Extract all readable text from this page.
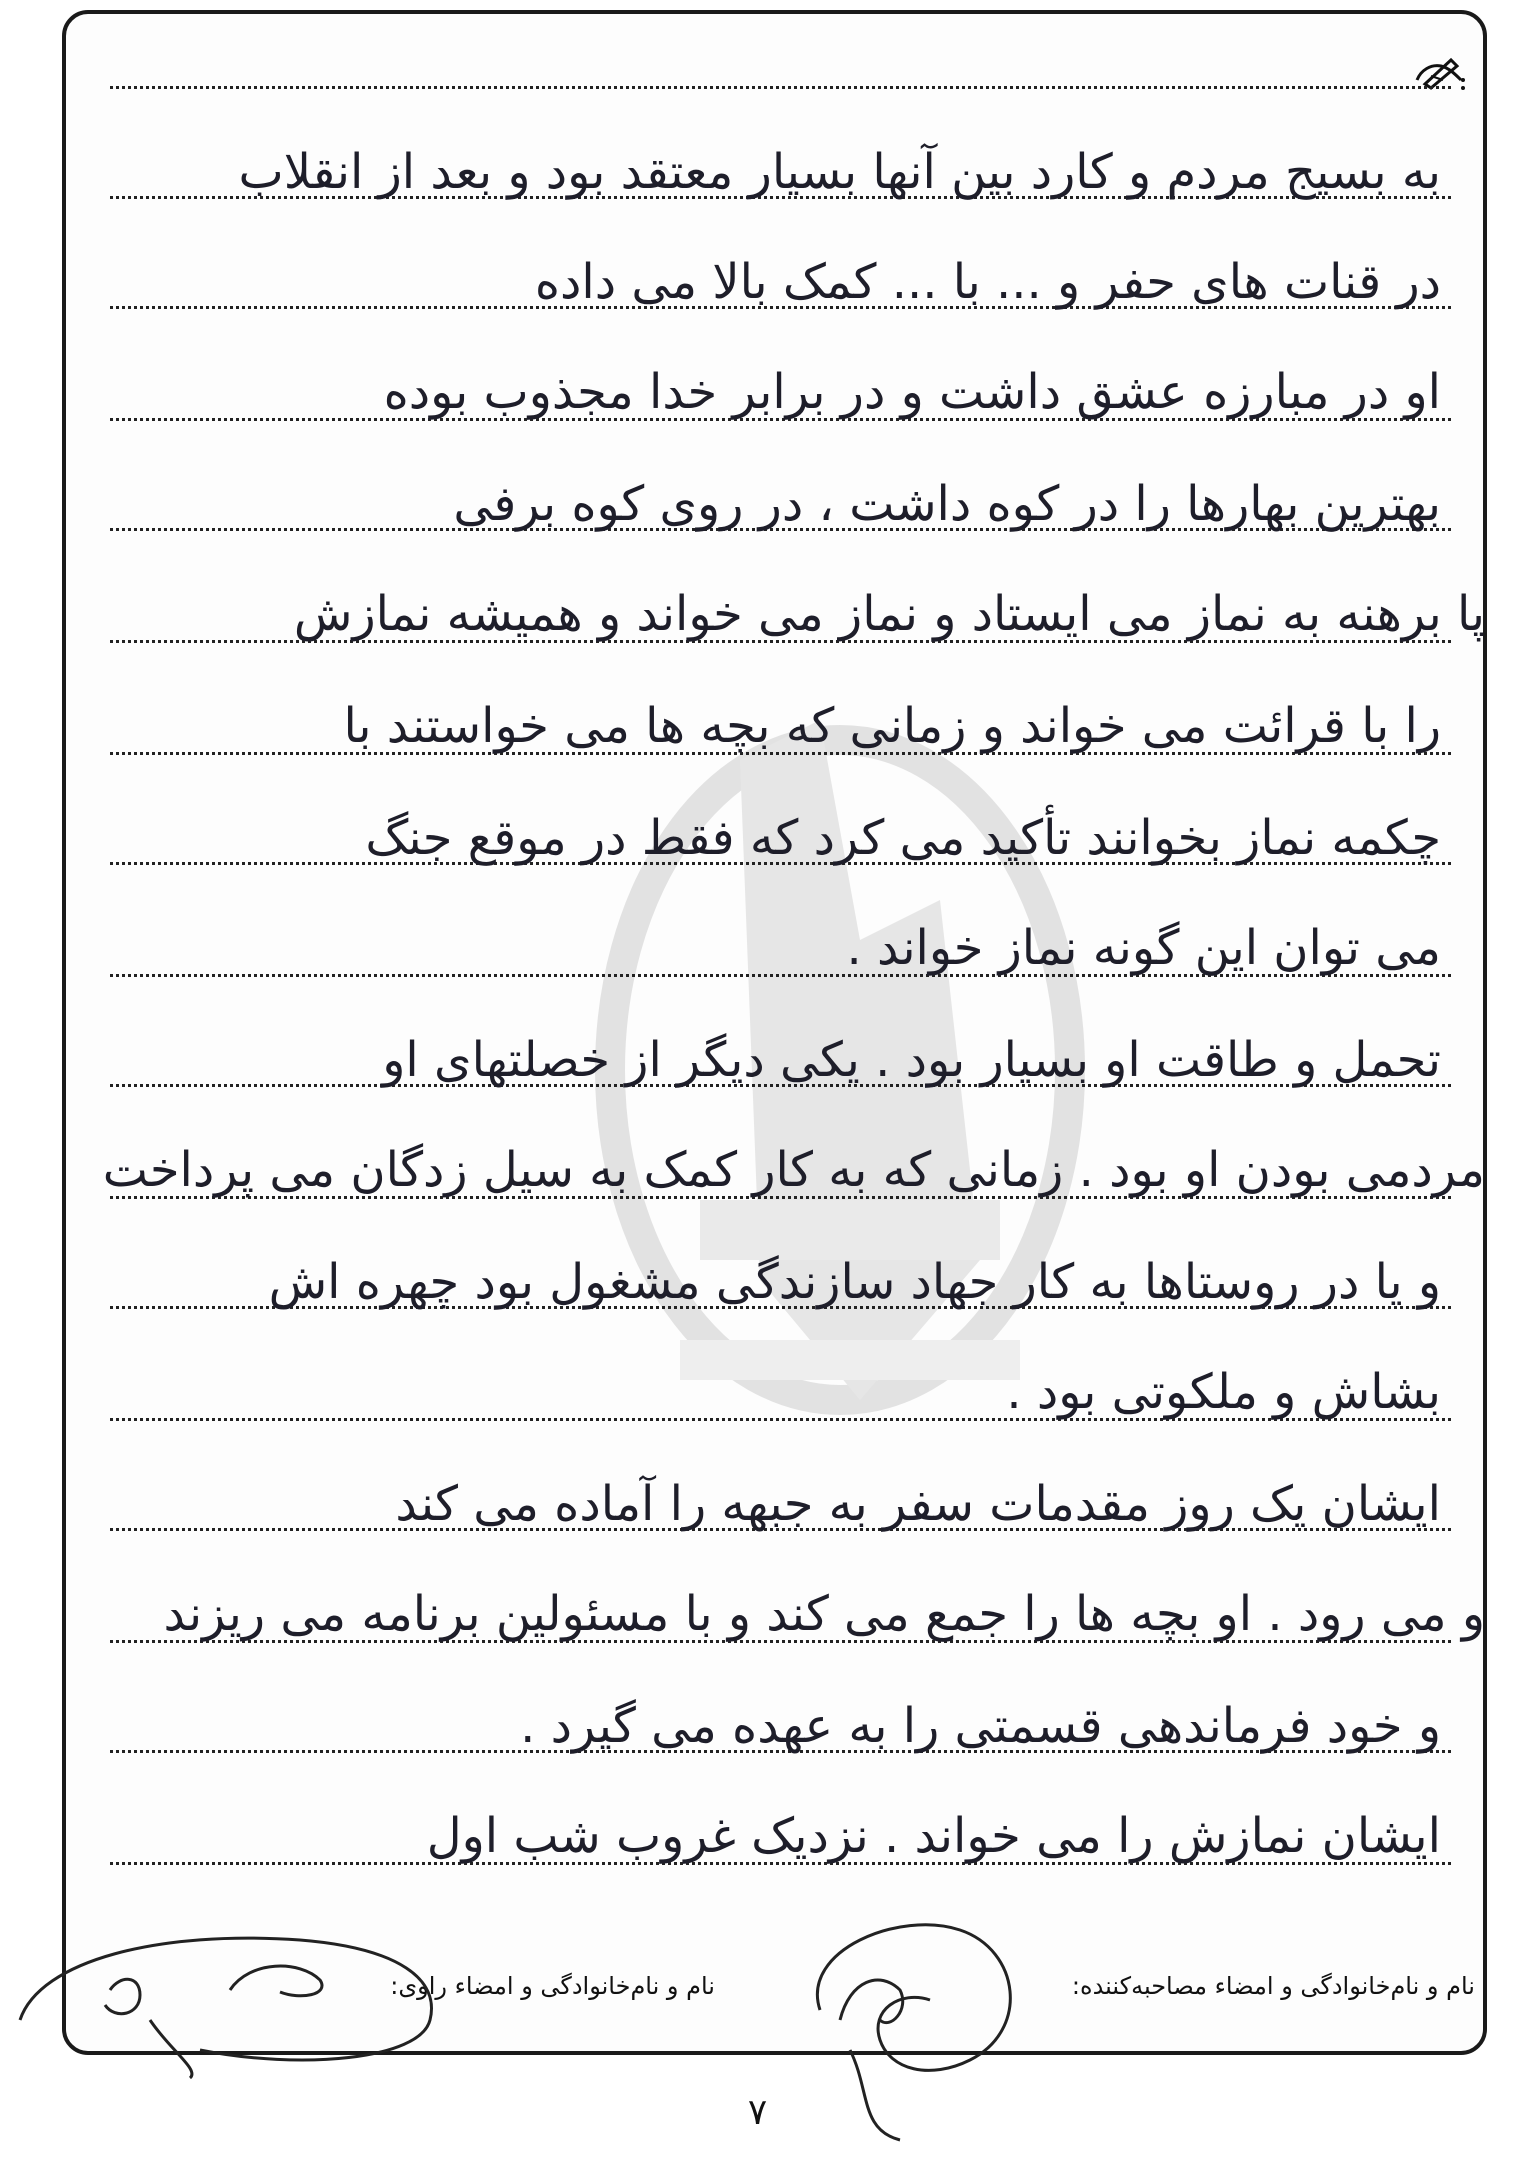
به بسیج مردم و کارد بین آنها بسیار معتقد بود و بعد از انقلاب
در قنات های حفر و ... با ... کمک بالا می داده
او در مبارزه عشق داشت و در برابر خدا مجذوب بوده
بهترین بهارها را در کوه داشت ، در روی کوه برفی
پا برهنه به نماز می ایستاد و نماز می خواند و همیشه نمازش
را با قرائت می خواند و زمانی که بچه ها می خواستند با
چکمه نماز بخوانند تأکید می کرد که فقط در موقع جنگ
می توان این گونه نماز خواند .
تحمل و طاقت او بسیار بود . یکی دیگر از خصلتهای او
مردمی بودن او بود . زمانی که به کار کمک به سیل زدگان می پرداخت
و یا در روستاها به کار جهاد سازندگی مشغول بود چهره اش
بشاش و ملکوتی بود .
ایشان یک روز مقدمات سفر به جبهه را آماده می کند
و می رود . او بچه ها را جمع می کند و با مسئولین برنامه می ریزند
و خود فرماندهی قسمتی را به عهده می گیرد .
ایشان نمازش را می خواند . نزدیک غروب شب اول
نام و نام‌خانوادگی و امضاء مصاحبه‌کننده:
نام و نام‌خانوادگی و امضاء راوی:
۷
